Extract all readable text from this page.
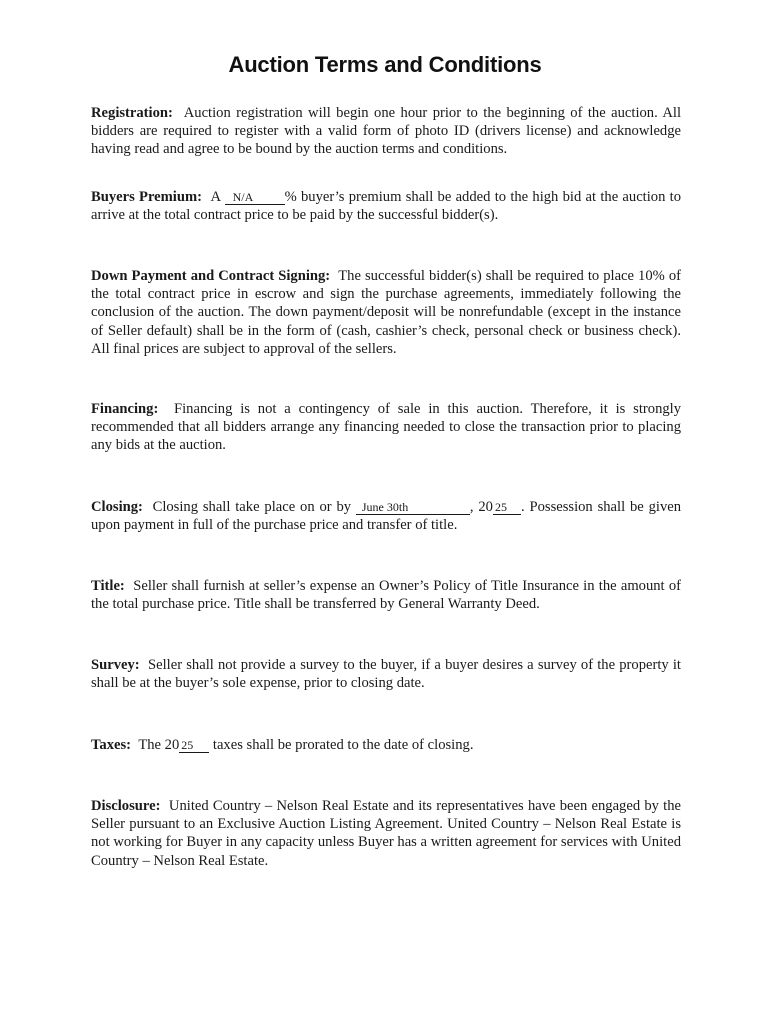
Auction Terms and Conditions
Registration: Auction registration will begin one hour prior to the beginning of the auction. All bidders are required to register with a valid form of photo ID (drivers license) and acknowledge having read and agree to be bound by the auction terms and conditions.
Buyers Premium: A N/A % buyer’s premium shall be added to the high bid at the auction to arrive at the total contract price to be paid by the successful bidder(s).
Down Payment and Contract Signing: The successful bidder(s) shall be required to place 10% of the total contract price in escrow and sign the purchase agreements, immediately following the conclusion of the auction. The down payment/deposit will be nonrefundable (except in the instance of Seller default) shall be in the form of (cash, cashier’s check, personal check or business check). All final prices are subject to approval of the sellers.
Financing: Financing is not a contingency of sale in this auction. Therefore, it is strongly recommended that all bidders arrange any financing needed to close the transaction prior to placing any bids at the auction.
Closing: Closing shall take place on or by June 30th	, 20 25 . Possession shall be given upon payment in full of the purchase price and transfer of title.
Title: Seller shall furnish at seller’s expense an Owner’s Policy of Title Insurance in the amount of the total purchase price. Title shall be transferred by General Warranty Deed.
Survey: Seller shall not provide a survey to the buyer, if a buyer desires a survey of the property it shall be at the buyer’s sole expense, prior to closing date.
Taxes: The 20 25 taxes shall be prorated to the date of closing.
Disclosure: United Country – Nelson Real Estate and its representatives have been engaged by the Seller pursuant to an Exclusive Auction Listing Agreement. United Country – Nelson Real Estate is not working for Buyer in any capacity unless Buyer has a written agreement for services with United Country – Nelson Real Estate.
